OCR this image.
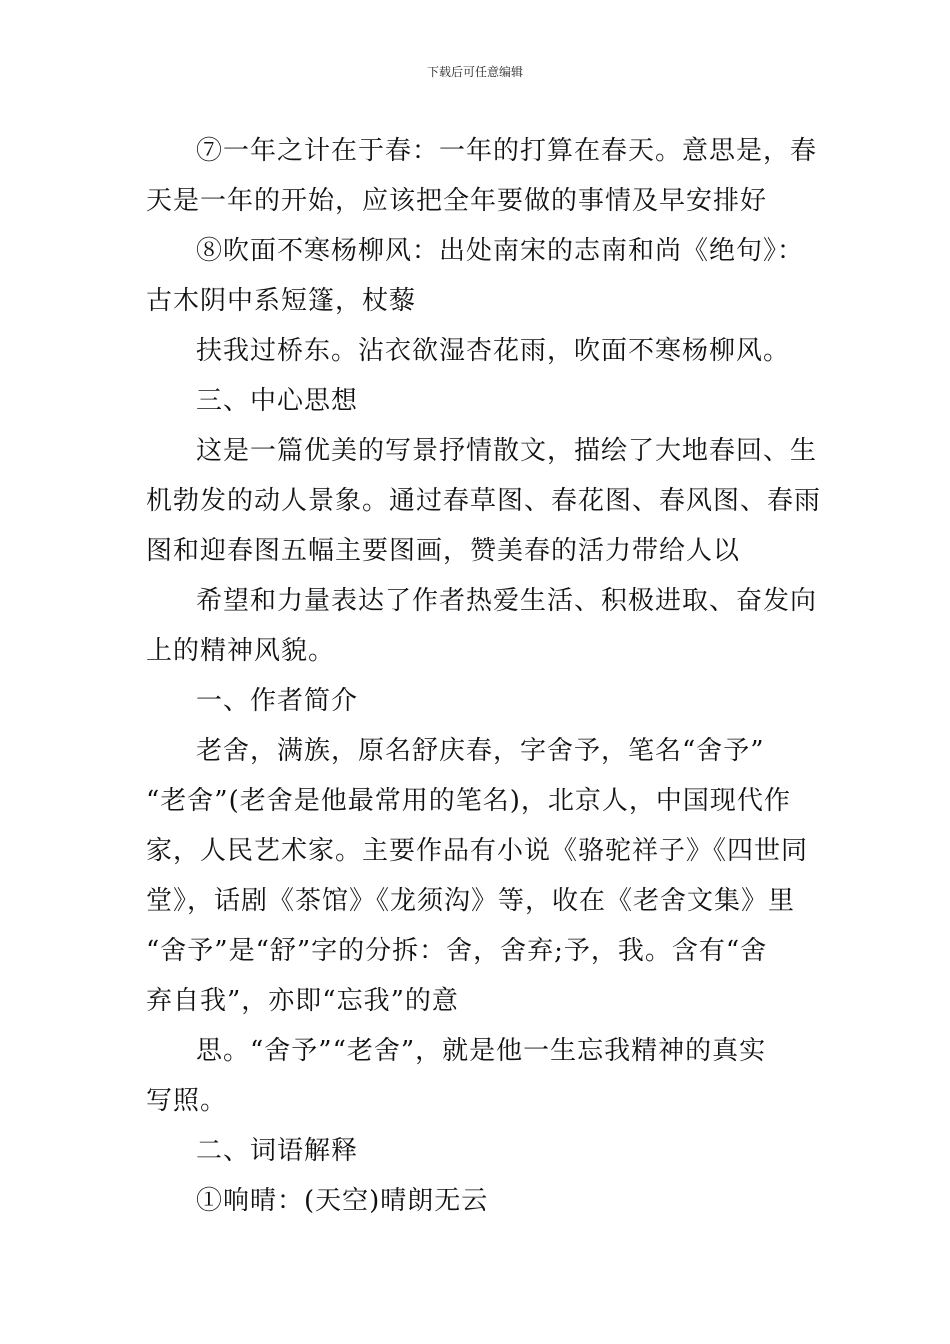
下载后可任意编辑

⑦一年之计在于春：一年的打算在春天。意思是，春

天是一年的开始，应该把全年要做的事情及早安排好

⑧吹面不寒杨柳风：出处南宋的志南和尚《绝句》：

古木阴中系短篷，杖藜

扶我过桥东。沾衣欲湿杏花雨，吹面不寒杨柳风。

三、中心思想

这是一篇优美的写景抒情散文，描绘了大地春回、生

机勃发的动人景象。通过春草图、春花图、春风图、春雨

图和迎春图五幅主要图画，赞美春的活力带给人以

希望和力量表达了作者热爱生活、积极进取、奋发向

上的精神风貌。

一、作者简介

老舍，满族，原名舒庆春，字舍予，笔名“舍予”

“老舍”(老舍是他最常用的笔名)，北京人，中国现代作

家，人民艺术家。主要作品有小说《骆驼祥子》《四世同

堂》，话剧《茶馆》《龙须沟》等，收在《老舍文集》里

“舍予”是“舒”字的分拆：舍，舍弃;予，我。含有“舍

弃自我”，亦即“忘我”的意

思。“舍予”“老舍”，就是他一生忘我精神的真实

写照。

二、词语解释

①响晴：(天空)晴朗无云
